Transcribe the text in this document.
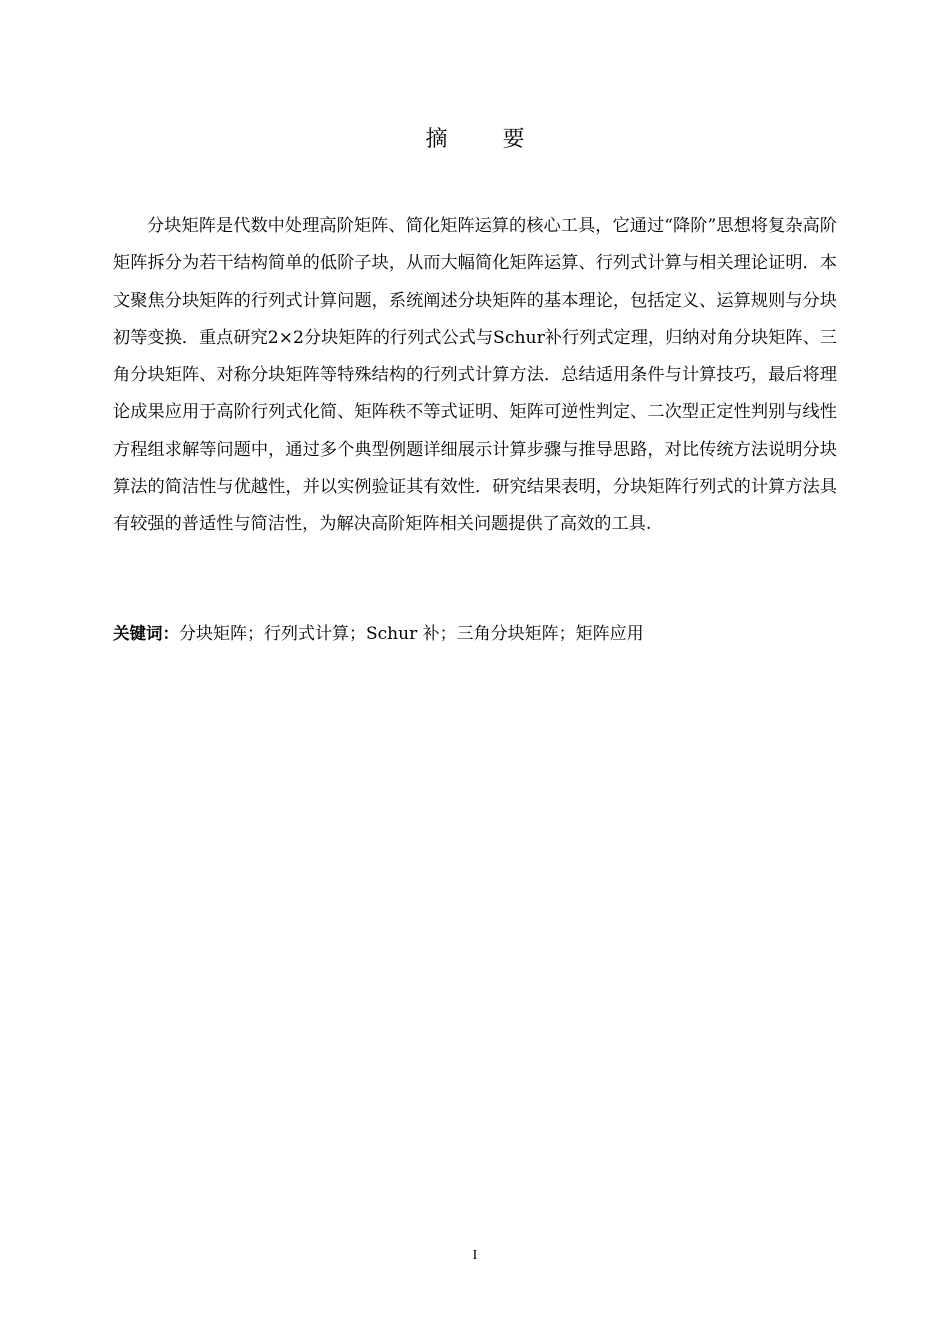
摘 要

分块矩阵是代数中处理高阶矩阵、简化矩阵运算的核心工具，它通过“降阶”思想将复杂高阶矩阵拆分为若干结构简单的低阶子块，从而大幅简化矩阵运算、行列式计算与相关理论证明．本文聚焦分块矩阵的行列式计算问题，系统阐述分块矩阵的基本理论，包括定义、运算规则与分块初等变换．重点研究2×2分块矩阵的行列式公式与Schur补行列式定理，归纳对角分块矩阵、三角分块矩阵、对称分块矩阵等特殊结构的行列式计算方法．总结适用条件与计算技巧，最后将理论成果应用于高阶行列式化简、矩阵秩不等式证明、矩阵可逆性判定、二次型正定性判别与线性方程组求解等问题中，通过多个典型例题详细展示计算步骤与推导思路，对比传统方法说明分块算法的简洁性与优越性，并以实例验证其有效性．研究结果表明，分块矩阵行列式的计算方法具有较强的普适性与简洁性，为解决高阶矩阵相关问题提供了高效的工具.

关键词：分块矩阵；行列式计算；Schur 补；三角分块矩阵；矩阵应用
I
